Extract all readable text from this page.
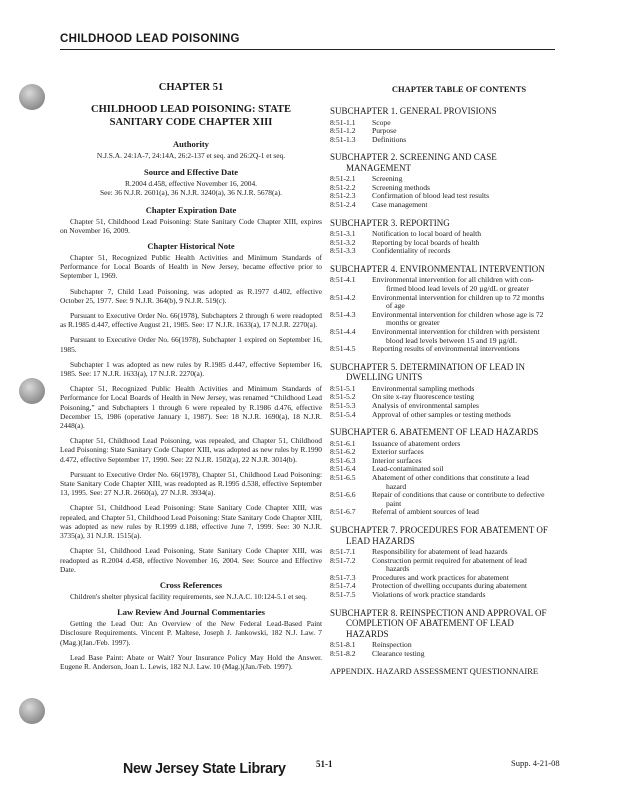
CHILDHOOD LEAD POISONING
CHAPTER 51
CHILDHOOD LEAD POISONING: STATE
SANITARY CODE CHAPTER XIII
Authority
N.J.S.A. 24:1A-7, 24:14A, 26:2-137 et seq. and 26:2Q-1 et seq.
Source and Effective Date
R.2004 d.458, effective November 16, 2004.
See: 36 N.J.R. 2601(a), 36 N.J.R. 3240(a), 36 N.J.R. 5678(a).
Chapter Expiration Date
Chapter 51, Childhood Lead Poisoning: State Sanitary Code Chapter XIII, expires on November 16, 2009.
Chapter Historical Note
Chapter 51, Recognized Public Health Activities and Minimum Standards of Performance for Local Boards of Health in New Jersey, became effective prior to September 1, 1969.
Subchapter 7, Child Lead Poisoning, was adopted as R.1977 d.402, effective October 25, 1977. See: 9 N.J.R. 364(b), 9 N.J.R. 519(c).
Pursuant to Executive Order No. 66(1978), Subchapters 2 through 6 were readopted as R.1985 d.447, effective August 21, 1985. See: 17 N.J.R. 1633(a), 17 N.J.R. 2270(a).
Pursuant to Executive Order No. 66(1978), Subchapter 1 expired on September 16, 1985.
Subchapter 1 was adopted as new rules by R.1985 d.447, effective September 16, 1985. See: 17 N.J.R. 1633(a), 17 N.J.R. 2270(a).
Chapter 51, Recognized Public Health Activities and Minimum Standards of Performance for Local Boards of Health in New Jersey, was renamed “Childhood Lead Poisoning,” and Subchapters 1 through 6 were repealed by R.1986 d.476, effective December 15, 1986 (operative January 1, 1987). See: 18 N.J.R. 1690(a), 18 N.J.R. 2448(a).
Chapter 51, Childhood Lead Poisoning, was repealed, and Chapter 51, Childhood Lead Poisoning: State Sanitary Code Chapter XIII, was adopted as new rules by R.1990 d.472, effective September 17, 1990. See: 22 N.J.R. 1502(a), 22 N.J.R. 3014(b).
Pursuant to Executive Order No. 66(1978), Chapter 51, Childhood Lead Poisoning: State Sanitary Code Chapter XIII, was readopted as R.1995 d.538, effective September 13, 1995. See: 27 N.J.R. 2660(a), 27 N.J.R. 3934(a).
Chapter 51, Childhood Lead Poisoning: State Sanitary Code Chapter XIII, was repealed, and Chapter 51, Childhood Lead Poisoning: State Sanitary Code Chapter XIII, was adopted as new rules by R.1999 d.188, effective June 7, 1999. See: 30 N.J.R. 3735(a), 31 N.J.R. 1515(a).
Chapter 51, Childhood Lead Poisoning, State Sanitary Code Chapter XIII, was readopted as R.2004 d.458, effective November 16, 2004. See: Source and Effective Date.
Cross References
Children's shelter physical facility requirements, see N.J.A.C. 10:124-5.1 et seq.
Law Review And Journal Commentaries
Getting the Lead Out: An Overview of the New Federal Lead-Based Paint Disclosure Requirements. Vincent P. Maltese, Joseph J. Jankowski, 182 N.J. Law. 7 (Mag.)(Jan./Feb. 1997).
Lead Base Paint: Abate or Wait? Your Insurance Policy May Hold the Answer. Eugene R. Anderson, Joan L. Lewis, 182 N.J. Law. 10 (Mag.)(Jan./Feb. 1997).
CHAPTER TABLE OF CONTENTS
SUBCHAPTER 1. GENERAL PROVISIONS
8:51-1.1	Scope
8:51-1.2	Purpose
8:51-1.3	Definitions
SUBCHAPTER 2. SCREENING AND CASE
MANAGEMENT
8:51-2.1	Screening
8:51-2.2	Screening methods
8:51-2.3	Confirmation of blood lead test results
8:51-2.4	Case management
SUBCHAPTER 3. REPORTING
8:51-3.1	Notification to local board of health
8:51-3.2	Reporting by local boards of health
8:51-3.3	Confidentiality of records
SUBCHAPTER 4. ENVIRONMENTAL INTERVENTION
8:51-4.1	Environmental intervention for all children with con-
firmed blood lead levels of 20 µg/dL or greater
8:51-4.2	Environmental intervention for children up to 72 months
of age
8:51-4.3	Environmental intervention for children whose age is 72
months or greater
8:51-4.4	Environmental intervention for children with persistent
blood lead levels between 15 and 19 µg/dL
8:51-4.5	Reporting results of environmental interventions
SUBCHAPTER 5. DETERMINATION OF LEAD IN
DWELLING UNITS
8:51-5.1	Environmental sampling methods
8:51-5.2	On site x-ray fluorescence testing
8:51-5.3	Analysis of environmental samples
8:51-5.4	Approval of other samples or testing methods
SUBCHAPTER 6. ABATEMENT OF LEAD HAZARDS
8:51-6.1	Issuance of abatement orders
8:51-6.2	Exterior surfaces
8:51-6.3	Interior surfaces
8:51-6.4	Lead-contaminated soil
8:51-6.5	Abatement of other conditions that constitute a lead
hazard
8:51-6.6	Repair of conditions that cause or contribute to defective
paint
8:51-6.7	Referral of ambient sources of lead
SUBCHAPTER 7. PROCEDURES FOR ABATEMENT OF
LEAD HAZARDS
8:51-7.1	Responsibility for abatement of lead hazards
8:51-7.2	Construction permit required for abatement of lead
hazards
8:51-7.3	Procedures and work practices for abatement
8:51-7.4	Protection of dwelling occupants during abatement
8:51-7.5	Violations of work practice standards
SUBCHAPTER 8. REINSPECTION AND APPROVAL OF
COMPLETION OF ABATEMENT OF LEAD
HAZARDS
8:51-8.1	Reinspection
8:51-8.2	Clearance testing
APPENDIX. HAZARD ASSESSMENT QUESTIONNAIRE
New Jersey State Library	51-1	Supp. 4-21-08
